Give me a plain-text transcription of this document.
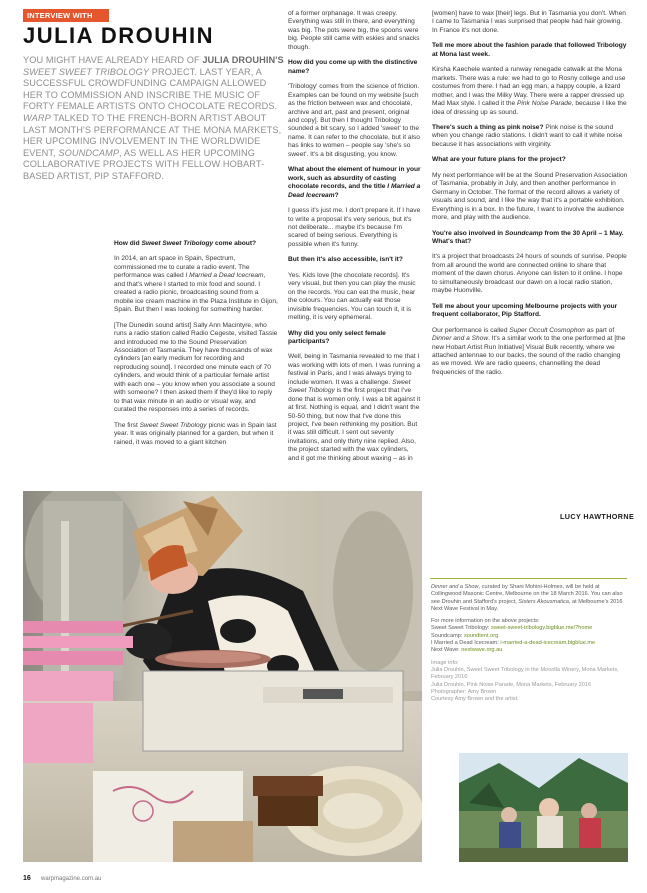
INTERVIEW WITH
JULIA DROUHIN
YOU MIGHT HAVE ALREADY HEARD OF JULIA DROUHIN'S SWEET SWEET TRIBOLOGY PROJECT. LAST YEAR, A SUCCESSFUL CROWDFUNDING CAMPAIGN ALLOWED HER TO COMMISSION AND INSCRIBE THE MUSIC OF FORTY FEMALE ARTISTS ONTO CHOCOLATE RECORDS. WARP TALKED TO THE FRENCH-BORN ARTIST ABOUT LAST MONTH'S PERFORMANCE AT THE MONA MARKETS, HER UPCOMING INVOLVEMENT IN THE WORLDWIDE EVENT, SOUNDCAMP, AS WELL AS HER UPCOMING COLLABORATIVE PROJECTS WITH FELLOW HOBART-BASED ARTIST, PIP STAFFORD.

How did Sweet Sweet Tribology come about?

In 2014, an art space in Spain, Spectrum, commissioned me to curate a radio event. The performance was called I Married a Dead Icecream, and that's where I started to mix food and sound. I created a radio picnic, broadcasting sound from a mobile ice cream machine in the Plaza Institute in Gijon, Spain. But then I was looking for something harder.

[The Dunedin sound artist] Sally Ann Macintyre, who runs a radio station called Radio Cegeste, visited Tassie and introduced me to the Sound Preservation Association of Tasmania. They have thousands of wax cylinders [an early medium for recording and reproducing sound]. I recorded one minute each of 70 cylinders, and would think of a particular female artist with each one – you know when you associate a sound with someone? I then asked them if they'd like to reply to that wax minute in an audio or visual way, and curated the responses into a series of records.

The first Sweet Sweet Tribology picnic was in Spain last year. It was originally planned for a garden, but when it rained, it was moved to a giant kitchen

of a former orphanage. It was creepy. Everything was still in there, and everything was big. The pots were big, the spoons were big. People still came with eskies and snacks though.

How did you come up with the distinctive name?

'Tribology' comes from the science of friction. Examples can be found on my website [such as the friction between wax and chocolate, archive and art, past and present, original and copy]. But then I thought Tribology sounded a bit scary, so I added 'sweet' to the name. It can refer to the chocolate, but it also has links to women – people say 'she's so sweet'. It's a bit disgusting, you know.

What about the element of humour in your work, such as absurdity of casting chocolate records, and the title I Married a Dead Icecream?

I guess it's just me. I don't prepare it. If I have to write a proposal it's very serious, but it's not deliberate... maybe it's because I'm scared of being serious. Everything is possible when it's funny.

But then it's also accessible, isn't it?

Yes. Kids love [the chocolate records]. It's very visual, but then you can play the music on the records. You can eat the music, hear the colours. You can actually eat those invisible frequencies. You can touch it, it is melting, it is very ephemeral.

Why did you only select female participants?

Well, being in Tasmania revealed to me that I was working with lots of men. I was running a festival in Paris, and I was always trying to include women. It was a challenge. Sweet Sweet Tribology is the first project that I've done that is women only. I was a bit against it at first. Nothing is equal, and I didn't want the 50-50 thing, but now that I've done this project, I've been rethinking my position. But it was still difficult. I sent out seventy invitations, and only thirty nine replied. Also, the project started with the wax cylinders, and it got me thinking about waxing – as in

[women] have to wax [their] legs. But in Tasmania you don't. When I came to Tasmania I was surprised that people had hair growing. In France it's not done.

Tell me more about the fashion parade that followed Tribology at Mona last week.

Kirsha Kaechele wanted a runway renegade catwalk at the Mona markets. There was a rule: we had to go to Rosny college and use costumes from there. I had an egg man, a happy couple, a lizard mother, and I was the Milky Way. There were a rapper dressed up Mad Max style. I called it the Pink Noise Parade, because I like the idea of dressing up as sound.

There's such a thing as pink noise? Pink noise is the sound when you change radio stations. I didn't want to call it white noise because it has associations with virginity.

What are your future plans for the project?

My next performance will be at the Sound Preservation Association of Tasmania, probably in July, and then another performance in Germany in October. The format of the record allows a variety of visuals and sound, and I like the way that it's a portable exhibition. Everything is in a box. In the future, I want to involve the audience more, and play with the audience.

You're also involved in Soundcamp from the 30 April – 1 May. What's that?

It's a project that broadcasts 24 hours of sounds of sunrise. People from all around the world are connected online to share that moment of the dawn chorus. Anyone can listen to it online. I hope to simultaneously broadcast our dawn on a local radio station, maybe Huonville.

Tell me about your upcoming Melbourne projects with your frequent collaborator, Pip Stafford.

Our performance is called Super Occult Cosmophon as part of Dinner and a Show. It's a similar work to the one performed at [the new Hobart Artist Run Initiative] Visual Bulk recently, where we attached antennae to our backs, the sound of the radio changing as we moved. We are radio queens, channelling the dead frequencies of the radio.

LUCY HAWTHORNE

Dinner and a Show, curated by Shani Mohini-Holmes, will be held at Collingwood Masonic Centre, Melbourne on the 18 March 2016. You can also see Drouhin and Stafford's project, Sisters Akousmatica, at Melbourne's 2016 Next Wave Festival in May.

For more information on the above projects:
Sweet Sweet Tribology: sweet-sweet-tribology.bigblue.me/?home
Soundcamp: soundtent.org
I Married a Dead Icecream: i-married-a-dead-icecream.bigblue.me
Next Wave: nextwave.org.au

Image info:
Julia Drouhin, Sweet Sweet Tribology in the Moorilla Winery, Mona Markets, February 2016
Julia Drouhin, Pink Noise Parade, Mona Markets, February 2016
Photographer: Amy Brown
Courtesy Amy Brown and the artist.

16 warpmagazine.com.au
